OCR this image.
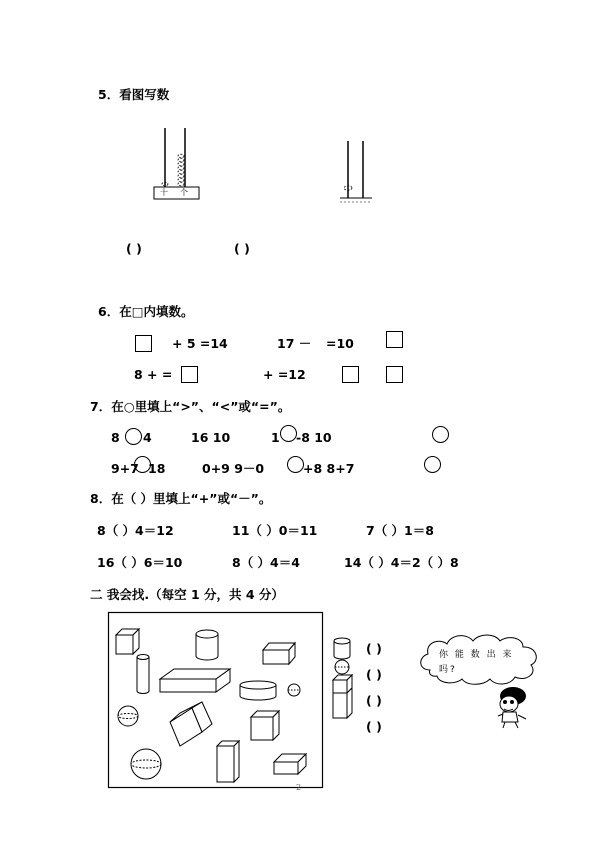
5．看图写数
十 个
( )	( )
6．在□内填数。
+ 5 =14	17 － =10
8 + =	+ =12
7．在○里填上“>”、“<”或“=”。
8 4	16 10	1 -8 10
9+7 18	0+9 9－0	+8 8+7
8．在（ ）里填上“+”或“－”。
8（ ）4＝12	11（ ）0＝11	7（ ）1＝8
16（ ）6＝10	8（ ）4＝4	14（ ）4＝2（ ）8
二 我会找.（每空 1 分，共 4 分）
( )
( )
( )
( )
你 能 数 出 来
吗?
2
